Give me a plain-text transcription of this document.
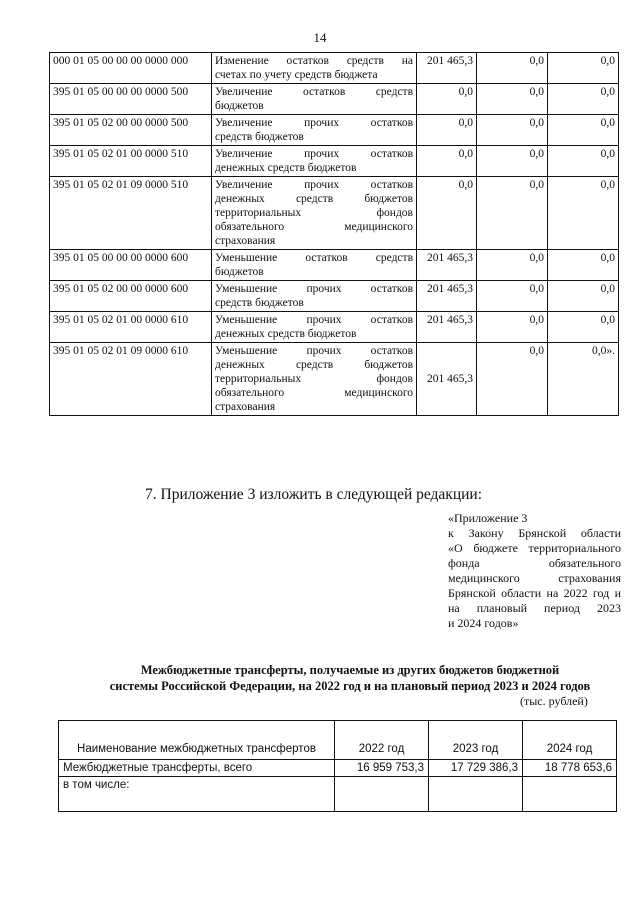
14
000 01 05 00 00 00 0000 000	Изменение остатков средств на
счетах по учету средств бюджета	201 465,3	0,0	0,0
395 01 05 00 00 00 0000 500	Увеличение остатков средств
бюджетов	0,0	0,0	0,0
395 01 05 02 00 00 0000 500	Увеличение прочих остатков
средств бюджетов	0,0	0,0	0,0
395 01 05 02 01 00 0000 510	Увеличение прочих остатков
денежных средств бюджетов	0,0	0,0	0,0
395 01 05 02 01 09 0000 510	Увеличение прочих остатков
денежных средств бюджетов
территориальных фондов
обязательного медицинского
страхования	0,0	0,0	0,0
395 01 05 00 00 00 0000 600	Уменьшение остатков средств
бюджетов	201 465,3	0,0	0,0
395 01 05 02 00 00 0000 600	Уменьшение прочих остатков
средств бюджетов	201 465,3	0,0	0,0
395 01 05 02 01 00 0000 610	Уменьшение прочих остатков
денежных средств бюджетов	201 465,3	0,0	0,0
395 01 05 02 01 09 0000 610	Уменьшение прочих остатков
денежных средств бюджетов
территориальных фондов
обязательного медицинского
страхования	201 465,3	0,0	0,0».
7. Приложение 3 изложить в следующей редакции:
«Приложение 3
к Закону Брянской области
«О бюджете территориального
фонда обязательного
медицинского страхования
Брянской области на 2022 год и
на плановый период 2023
и 2024 годов»
Межбюджетные трансферты, получаемые из других бюджетов бюджетной
системы Российской Федерации, на 2022 год и на плановый период 2023 и 2024 годов
(тыс. рублей)
Наименование межбюджетных трансфертов	2022 год	2023 год	2024 год
Межбюджетные трансферты, всего	16 959 753,3	17 729 386,3	18 778 653,6
в том числе:			
